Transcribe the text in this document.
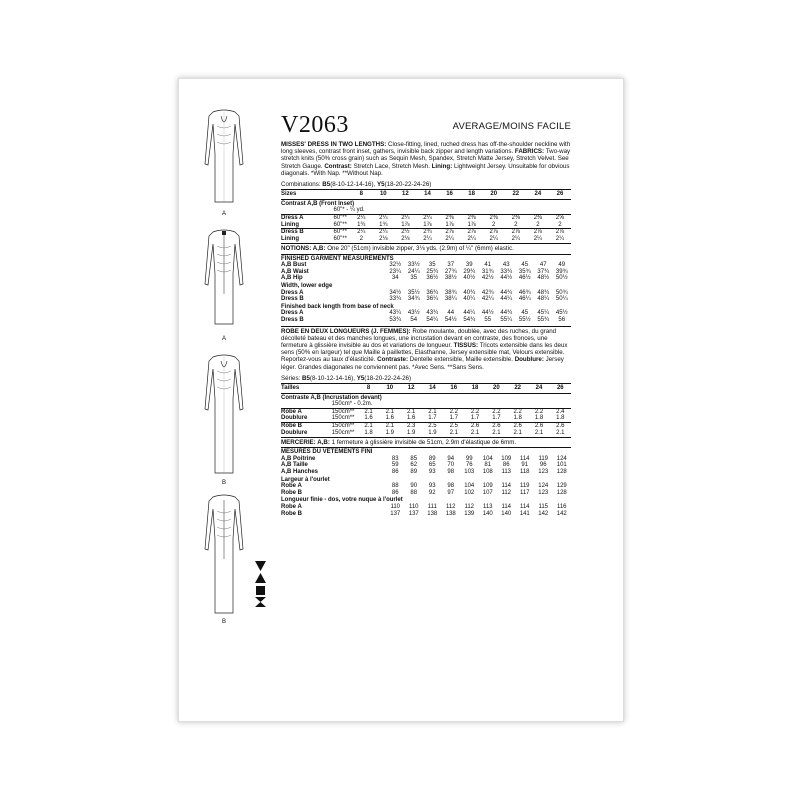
A
A
B
B
V2063	AVERAGE/MOINS FACILE

MISSES' DRESS IN TWO LENGTHS: Close-fitting, lined, ruched dress has off-the-shoulder neckline with long sleeves, contrast front inset, gathers, invisible back zipper and length variations. FABRICS: Two-way stretch knits (50% cross grain) such as Sequin Mesh, Spandex, Stretch Matte Jersey, Stretch Velvet. See Stretch Gauge. Contrast: Stretch Lace, Stretch Mesh. Lining: Lightweight Jersey. Unsuitable for obvious diagonals. *With Nap. **Without Nap.

Combinations: B5(8-10-12-14-16), Y5(18-20-22-24-26)
Sizes		8	10	12	14	16	18	20	22	24	26
Contrast A,B (Front Inset)											
	60"* - ¼ yd.										
Dress A	60"**	2¼	2¼	2¼	2¼	2⅜	2⅜	2⅜	2⅜	2⅜	2⅝
Lining	60"**	1¾	1¾	1⅞	1⅞	1⅞	1⅞	2	2	2	2
Dress B	60"**	2¼	2¼	2½	2¾	2⅞	2⅞	2⅞	2⅞	2⅞	2⅞
Lining	60"**	2	2⅛	2⅛	2¼	2¼	2¼	2¼	2¼	2¼	2¼
NOTIONS: A,B: One 20" (51cm) invisible zipper, 3⅛ yds. (2.9m) of ¼" (6mm) elastic.
FINISHED GARMENT MEASUREMENTS										
A,B Bust	32½	33½	35	37	39	41	43	45	47	49
A,B Waist	23¼	24¼	25¾	27¾	29¾	31¾	33¾	35¾	37¾	39¾
A,B Hip	34	35	36½	38½	40½	42½	44½	46½	48½	50½
Width, lower edge										
Dress A	34½	35½	36¾	38¾	40¾	42¾	44¾	46¾	48¾	50¾
Dress B	33¾	34¾	36¼	38¼	40¼	42¼	44¼	46¼	48¼	50¼
Finished back length from base of neck										
Dress A	43¼	43½	43¾	44	44¼	44½	44¾	45	45¼	45½
Dress B	53¾	54	54¼	54½	54¾	55	55¼	55½	55¾	56

ROBE EN DEUX LONGUEURS (J. FEMMES): Robe moulante, doublée, avec des ruches, du grand décolleté bateau et des manches longues, une incrustation devant en contraste, des fronces, une fermeture à glissière invisible au dos et variations de longueur. TISSUS: Tricots extensible dans les deux sens (50% en largeur) tel que Maille à paillettes, Elasthanne, Jersey extensible mat, Velours extensible. Reportez-vous au taux d'élasticité. Contraste: Dentelle extensible, Maille extensible. Doublure: Jersey léger. Grandes diagonales ne conviennent pas. *Avec Sens. **Sans Sens.

Séries: B5(8-10-12-14-16), Y5(18-20-22-24-26)
Tailles		8	10	12	14	16	18	20	22	24	26
Contraste A,B (Incrustation devant)											
	150cm* - 0.2m.										
Robe A	150cm**	2.1	2.1	2.1	2.1	2.2	2.2	2.2	2.2	2.2	2.4
Doublure	150cm**	1.6	1.6	1.6	1.7	1.7	1.7	1.7	1.8	1.8	1.8
Robe B	150cm**	2.1	2.1	2.3	2.5	2.5	2.6	2.6	2.6	2.6	2.6
Doublure	150cm**	1.8	1.9	1.9	1.9	2.1	2.1	2.1	2.1	2.1	2.1
MERCERIE: A,B: 1 fermeture à glissière invisible de 51cm, 2.9m d'élastique de 6mm.
MESURES DU VÊTEMENTS FINI										
A,B Poitrine	83	85	89	94	99	104	109	114	119	124
A,B Taille	59	62	65	70	76	81	86	91	96	101
A,B Hanches	86	89	93	98	103	108	113	118	123	128
Largeur à l'ourlet										
Robe A	88	90	93	98	104	109	114	119	124	129
Robe B	86	88	92	97	102	107	112	117	123	128
Longueur finie - dos, votre nuque à l'ourlet										
Robe A	110	110	111	112	112	113	114	114	115	116
Robe B	137	137	138	138	139	140	140	141	142	142
